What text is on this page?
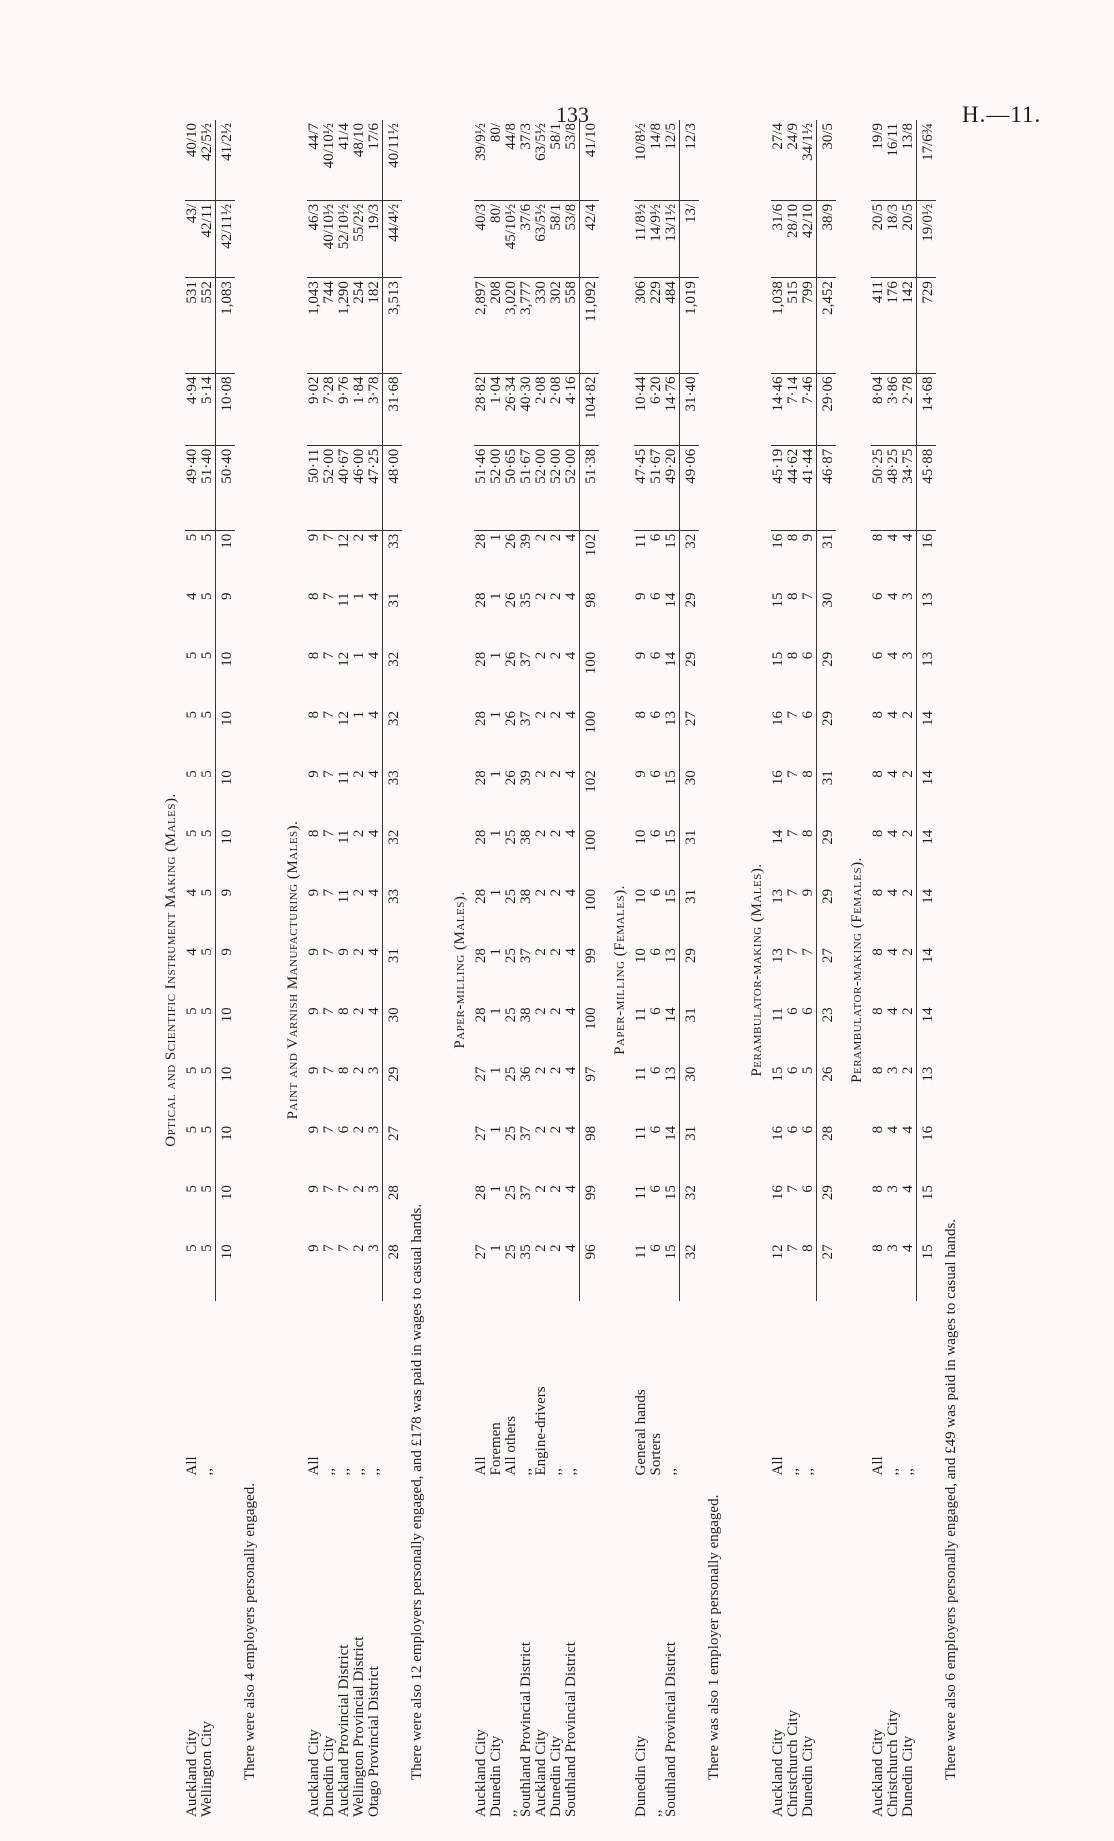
133	H.—11.
Optical and Scientific Instrument Making (Males).																				
Auckland City	All		5	5	5	5	5	4	4	5	5	5	5	4	5	49·40	4·94	531	43/	40/10
Wellington City	,,		5	5	5	5	5	5	5	5	5	5	5	5	5	51·40	5·14	552	42/11	42/5½
			10	10	10	10	10	9	9	10	10	10	10	9	10	50·40	10·08	1,083	42/11½	41/2½
There were also 4 employers personally engaged.																				
Paint and Varnish Manufacturing (Males).																				
Auckland City	All		9	9	9	9	9	9	9	8	9	8	8	8	9	50·11	9·02	1,043	46/3	44/7
Dunedin City	,,		7	7	7	7	7	7	7	7	7	7	7	7	7	52·00	7·28	744	40/10½	40/10½
Auckland Provincial District	,,		7	7	6	8	8	9	11	11	11	12	12	11	12	40·67	9·76	1,290	52/10½	41/4
Wellington Provincial District	,,		2	2	2	2	2	2	2	2	2	1	1	1	2	46·00	1·84	254	55/2½	48/10
Otago Provincial District	,,		3	3	3	3	4	4	4	4	4	4	4	4	4	47·25	3·78	182	19/3	17/6
			28	28	27	29	30	31	33	32	33	32	32	31	33	48·00	31·68	3,513	44/4½	40/11½
There were also 12 employers personally engaged, and £178 was paid in wages to casual hands.																				
Paper-milling (Males).																				
Auckland City	All		27	28	27	27	28	28	28	28	28	28	28	28	28	51·46	28·82	2,897	40/3	39/9½
Dunedin City	Foremen		1	1	1	1	1	1	1	1	1	1	1	1	1	52·00	1·04	208	80/	80/
,,	All others		25	25	25	25	25	25	25	25	26	26	26	26	26	50·65	26·34	3,020	45/10½	44/8
Southland Provincial District	,,		35	37	37	36	38	37	38	38	39	37	37	35	39	51·67	40·30	3,777	37/6	37/3
Auckland City	Engine-drivers		2	2	2	2	2	2	2	2	2	2	2	2	2	52·00	2·08	330	63/5½	63/5½
Dunedin City	,,		2	2	2	2	2	2	2	2	2	2	2	2	2	52·00	2·08	302	58/1	58/1
Southland Provincial District	,,		4	4	4	4	4	4	4	4	4	4	4	4	4	52·00	4·16	558	53/8	53/8
			96	99	98	97	100	99	100	100	102	100	100	98	102	51·38	104·82	11,092	42/4	41/10
Paper-milling (Females).																				
Dunedin City	General hands		11	11	11	11	11	10	10	10	9	8	9	9	11	47·45	10·44	306	11/8½	10/8½
,,	Sorters		6	6	6	6	6	6	6	6	6	6	6	6	6	51·67	6·20	229	14/9½	14/8
Southland Provincial District	,,		15	15	14	13	14	13	15	15	15	13	14	14	15	49·20	14·76	484	13/1½	12/5
			32	32	31	30	31	29	31	31	30	27	29	29	32	49·06	31·40	1,019	13/	12/3
There was also 1 employer personally engaged.																				
Perambulator-making (Males).																				
Auckland City	All		12	16	16	15	11	13	13	14	16	16	15	15	16	45·19	14·46	1,038	31/6	27/4
Christchurch City	,,		7	7	6	6	6	7	7	7	7	7	8	8	8	44·62	7·14	515	28/10	24/9
Dunedin City	,,		8	6	6	5	6	7	9	8	8	6	6	7	9	41·44	7·46	799	42/10	34/1½
			27	29	28	26	23	27	29	29	31	29	29	30	31	46·87	29·06	2,452	38/9	30/5
Perambulator-making (Females).																				
Auckland City	All		8	8	8	8	8	8	8	8	8	8	6	6	8	50·25	8·04	411	20/5	19/9
Christchurch City	,,		3	3	4	3	4	4	4	4	4	4	4	4	4	48·25	3·86	176	18/3	16/11
Dunedin City	,,		4	4	4	2	2	2	2	2	2	2	3	3	4	34·75	2·78	142	20/5	13/8
			15	15	16	13	14	14	14	14	14	14	13	13	16	45·88	14·68	729	19/0½	17/6¾
There were also 6 employers personally engaged, and £49 was paid in wages to casual hands.																				
